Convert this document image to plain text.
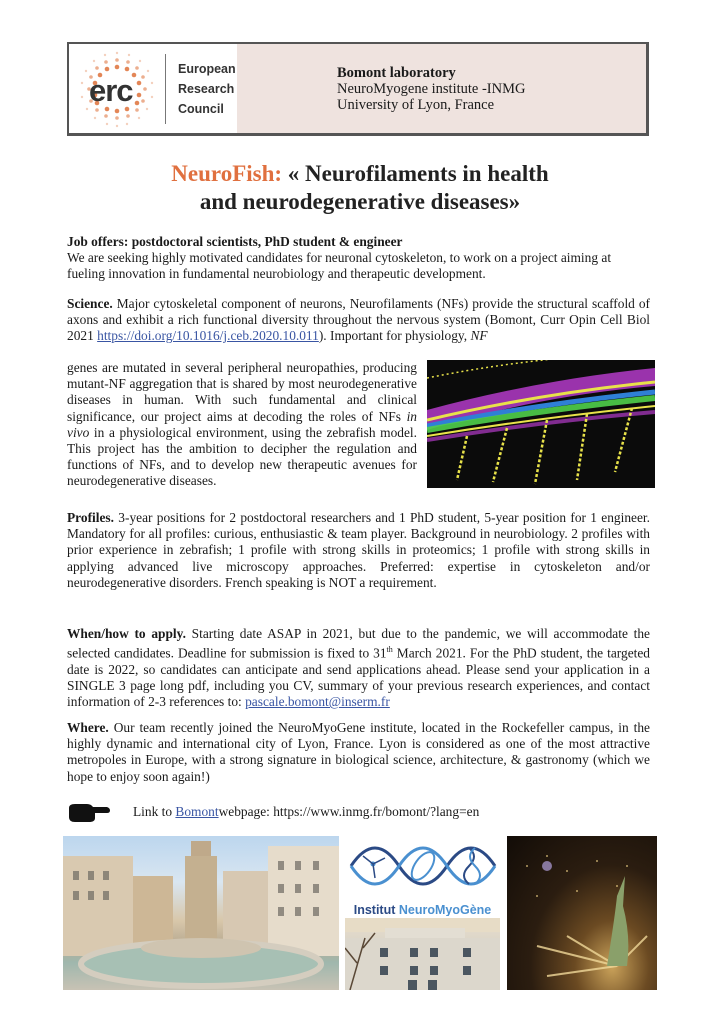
erc
European
Research
Council
Bomont laboratory
NeuroMyogene institute -INMG
University of Lyon, France
NeuroFish: « Neurofilaments in health
and neurodegenerative diseases»
Job offers: postdoctoral scientists, PhD student & engineer
We are seeking highly motivated candidates for neuronal cytoskeleton, to work on a project aiming at fueling innovation in fundamental neurobiology and therapeutic development.
Science. Major cytoskeletal component of neurons, Neurofilaments (NFs) provide the structural scaffold of axons and exhibit a rich functional diversity throughout the nervous system (Bomont, Curr Opin Cell Biol 2021 https://doi.org/10.1016/j.ceb.2020.10.011). Important for physiology, NF
genes are mutated in several peripheral neuropathies, producing mutant-NF aggregation that is shared by most neurodegenerative diseases in human. With such fundamental and clinical significance, our project aims at decoding the roles of NFs in vivo in a physiological environment, using the zebrafish model. This project has the ambition to decipher the regulation and functions of NFs, and to develop new therapeutic avenues for neurodegenerative diseases.
Profiles. 3-year positions for 2 postdoctoral researchers and 1 PhD student, 5-year position for 1 engineer. Mandatory for all profiles: curious, enthusiastic & team player. Background in neurobiology. 2 profiles with prior experience in zebrafish; 1 profile with strong skills in proteomics; 1 profile with strong skills in applying advanced live microscopy approaches. Preferred: expertise in cytoskeleton and/or neurodegenerative disorders. French speaking is NOT a requirement.
When/how to apply. Starting date ASAP in 2021, but due to the pandemic, we will accommodate the selected candidates. Deadline for submission is fixed to 31th March 2021. For the PhD student, the targeted date is 2022, so candidates can anticipate and send applications ahead. Please send your application in a SINGLE 3 page long pdf, including you CV, summary of your previous research experiences, and contact information of 2-3 references to: pascale.bomont@inserm.fr
Where. Our team recently joined the NeuroMyoGene institute, located in the Rockefeller campus, in the highly dynamic and international city of Lyon, France. Lyon is considered as one of the most attractive metropoles in Europe, with a strong signature in biological science, architecture, & gastronomy (which we hope to enjoy soon again!)
Link to
Bomont webpage: https://www.inmg.fr/bomont/?lang=en
Institut NeuroMyoGène
